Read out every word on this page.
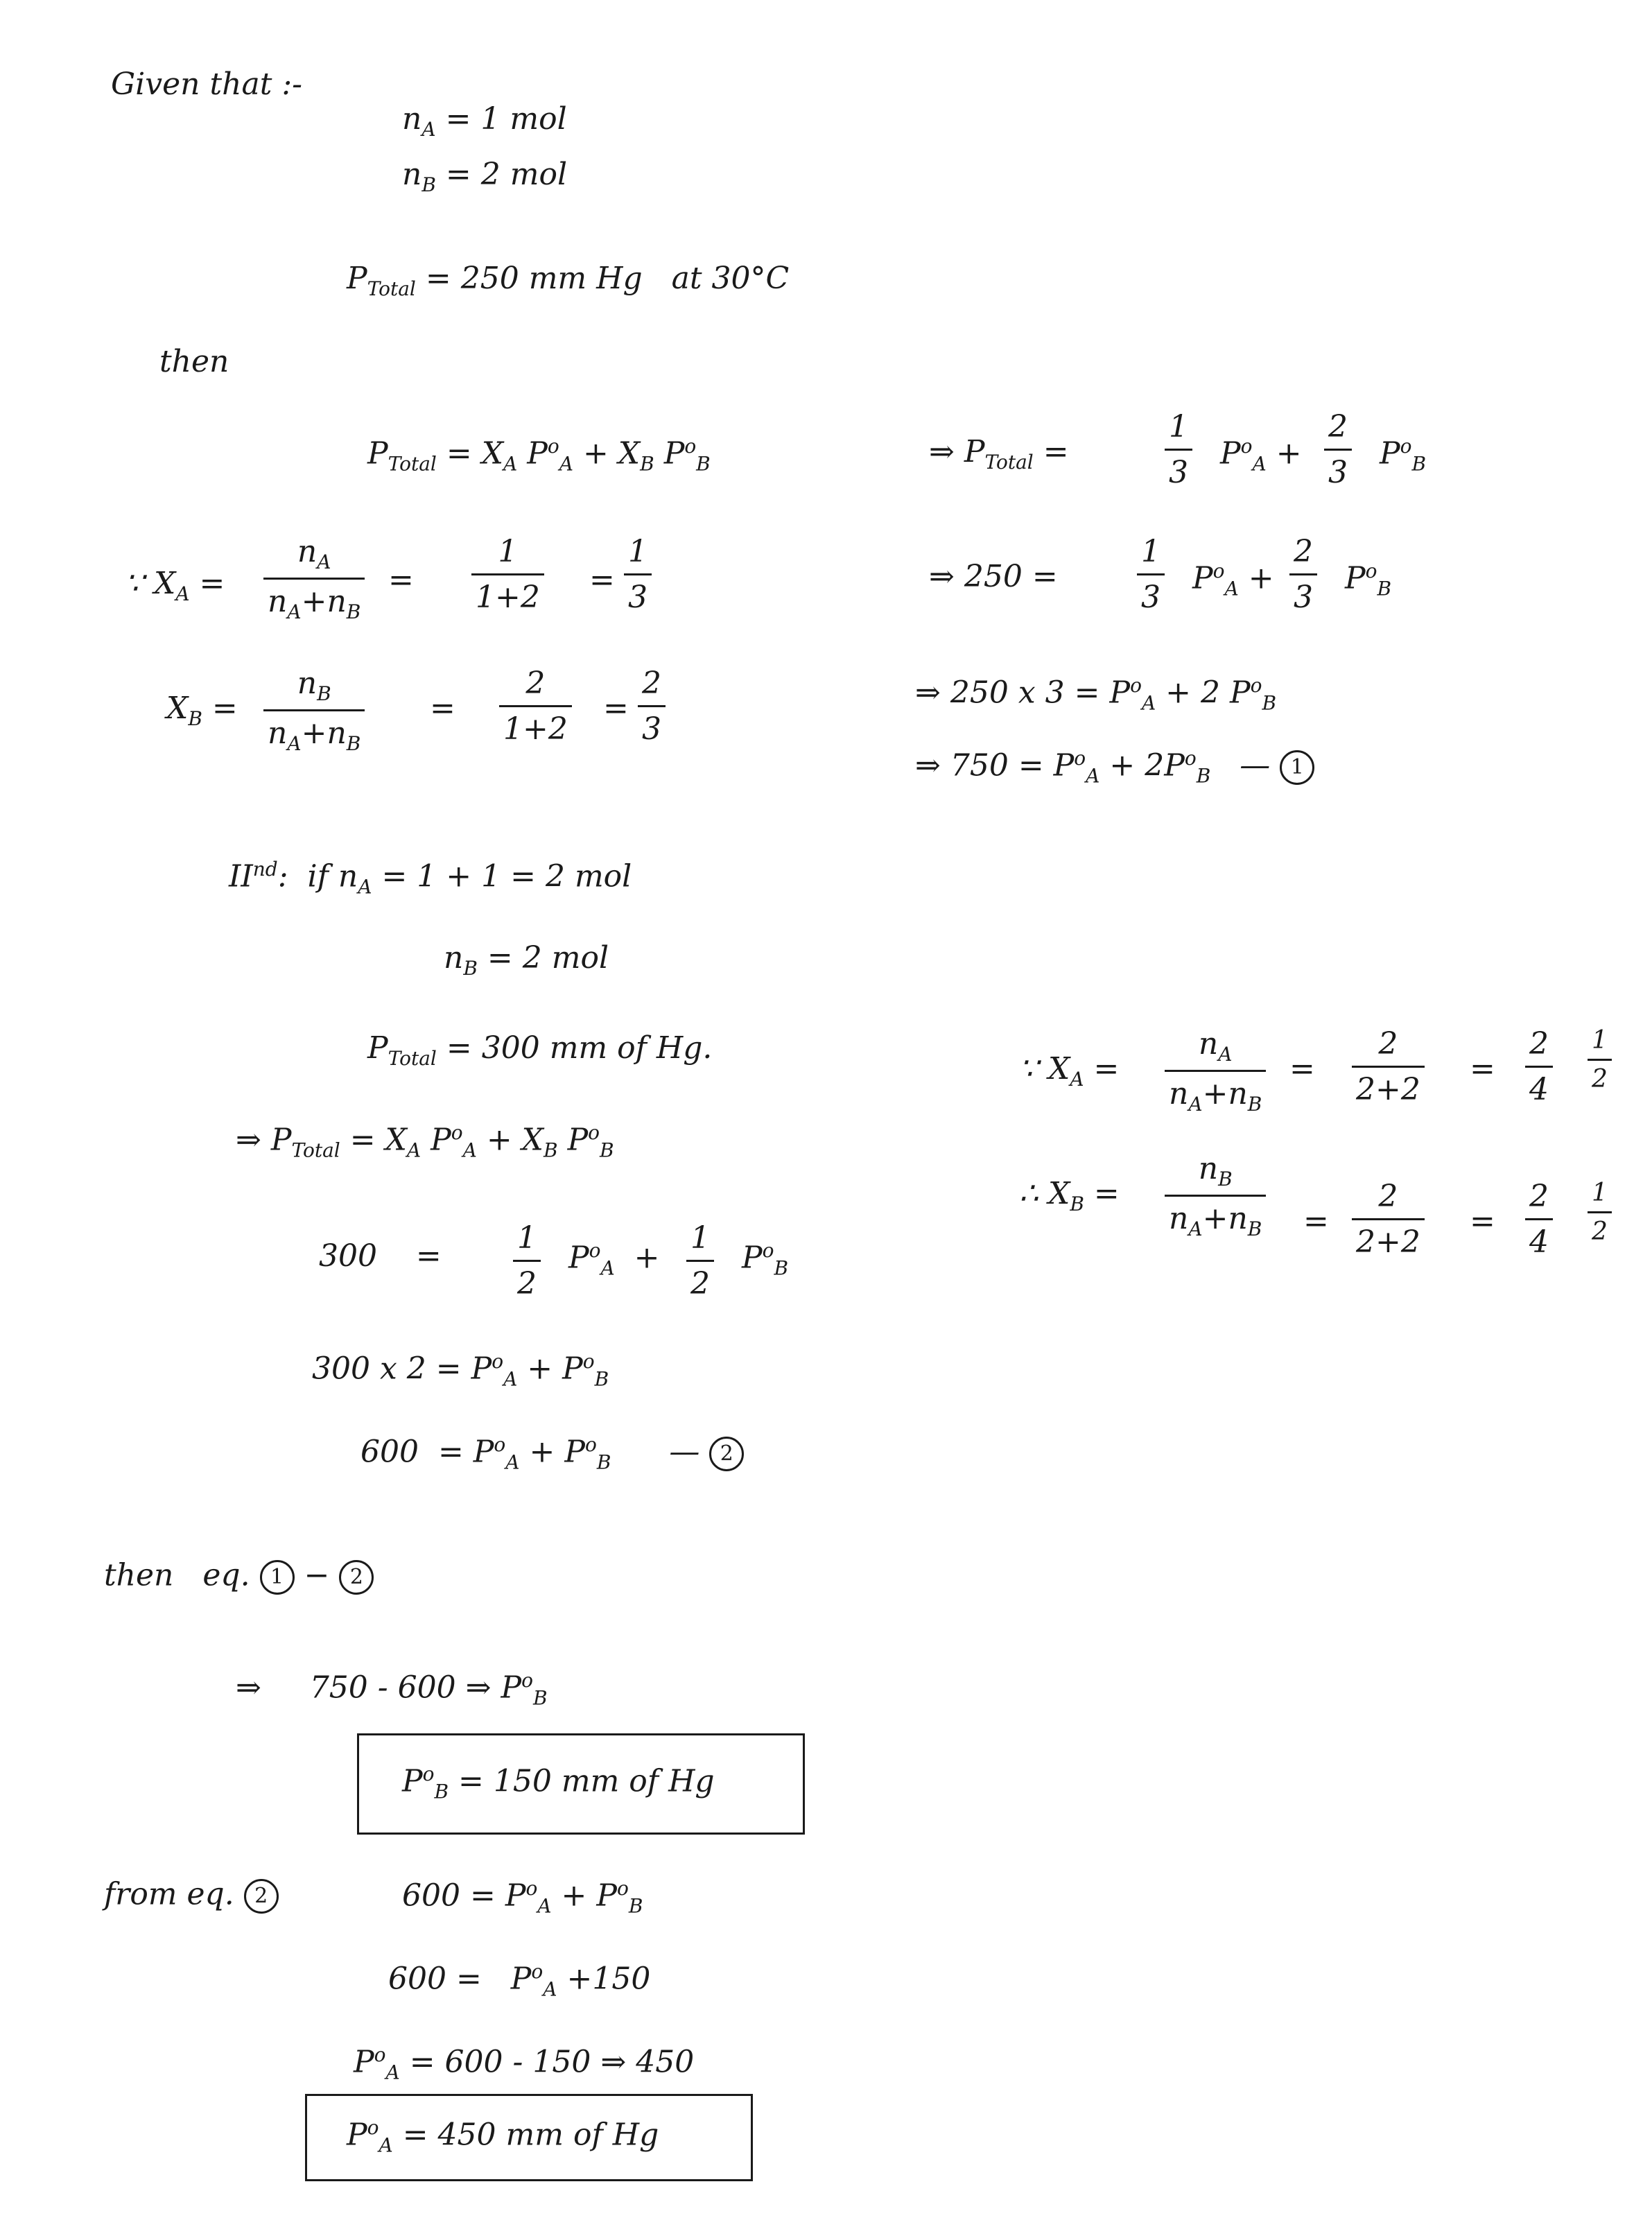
Given that :-
$n_A = 1$ mol
$n_B = 2$ mol
$P_{Total} = 250$ mm Hg at 30°C
then
$P_{Total} = X_A$ $P^o_A + X_B$ $P^o_B$	⇒ $P_{Total}$ =
1
3
$P^o_A$ +
2
3
$P^o_B$
∵ $X_A$ =
$n_A$
$n_A+n_B$
=
1
1+2 =
1
3
⇒ 250 =
1
3
$P^o_A$ +
2
3
$P^o_B$
$X_B$ =
$n_B$
$n_A+n_B$
=
2
1+2
=
2
3
⇒ 250 x $3 = P^o_A + 2$ $P^o_B$
⇒ $750 = P^o_A + 2P^o_B$   — 1
IInd:  if $n_A = 1 + 1 = 2$ mol
$n_B = 2$ mol
$P_{Total} = 300$ mm of Hg.
⇒ $P_{Total} = X_A$ $P^o_A + X_B$ $P^o_B$
∵ $X_A$ =
$n_A$
$n_A+n_B$
=
2
2+2
=
2
4
1
2
∴ $X_B$ =
$n_B$
$n_A+n_B$ =
2
2+2
=
2
4
1
2
300    =
1
2
$P^o_A$  +
1
2
$P^o_B$
300 x $2 = P^o_A + P^o_B$
$600 = P^o_A + P^o_B$      — 2
then eq. 1 − 2
⇒     750 - 600 ⇒ $P^o_B$
$P^o_B = 150$ mm of Hg
from eq. 2	$600 = P^o_A + P^o_B$
$600 = P^o_A +150$
$P^o_A = 600 - 150$ ⇒ 450
$P^o_A = 450$ mm of Hg
